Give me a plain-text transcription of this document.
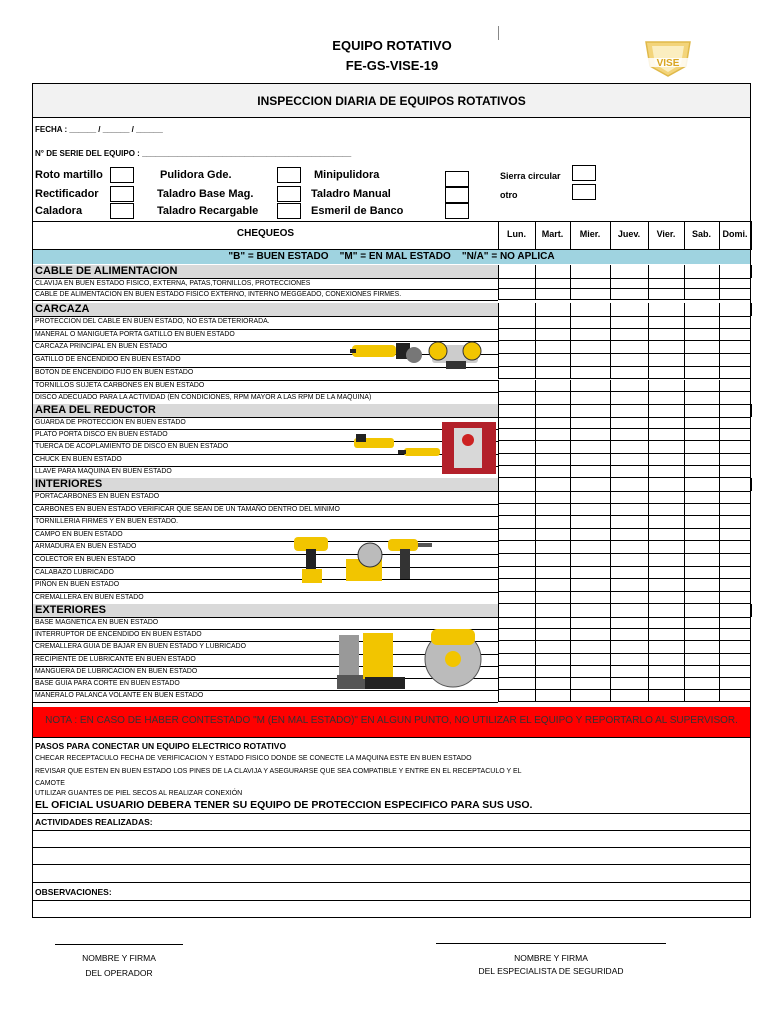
EQUIPO ROTATIVO
FE-GS-VISE-19	VISE
INSPECCION DIARIA DE EQUIPOS ROTATIVOS
FECHA : ______ / ______ / ______
N° DE SERIE DEL EQUIPO : _______________________________________________
Roto martillo
Rectificador
Caladora
Pulidora Gde.
Taladro Base Mag.
Taladro Recargable
Minipulidora
Taladro Manual
Esmeril de Banco
Sierra circular
otro
CHEQUEOS	Lun.	Mart.	Mier.	Juev.	Vier.	Sab.	Domi.
"B" = BUEN ESTADO    "M" = EN MAL ESTADO    "N/A" = NO APLICA
CABLE DE ALIMENTACION
CLAVIJA EN BUEN ESTADO FISICO, EXTERNA, PATAS,TORNILLOS, PROTECCIONES
CABLE DE ALIMENTACION EN BUEN ESTADO FISICO EXTERNO, INTERNO MEGGEADO, CONEXIONES FIRMES.
CARCAZA
PROTECCION DEL CABLE EN BUEN ESTADO, NO ESTA DETERIORADA.
MANERAL O MANIGUETA PORTA GATILLO EN BUEN ESTADO
CARCAZA PRINCIPAL EN BUEN ESTADO
GATILLO DE ENCENDIDO EN BUEN ESTADO
BOTON DE ENCENDIDO FIJO EN BUEN ESTADO
TORNILLOS SUJETA CARBONES EN BUEN ESTADO
DISCO ADECUADO PARA LA ACTIVIDAD (EN CONDICIONES, RPM MAYOR A LAS RPM DE LA MAQUINA)
AREA DEL REDUCTOR
GUARDA DE PROTECCION EN BUEN ESTADO
PLATO PORTA DISCO EN BUEN ESTADO
TUERCA DE ACOPLAMIENTO DE DISCO EN BUEN ESTADO
CHUCK EN BUEN ESTADO
LLAVE PARA MAQUINA EN BUEN ESTADO
INTERIORES
PORTACARBONES EN BUEN ESTADO
CARBONES EN BUEN ESTADO VERIFICAR QUE SEAN DE UN TAMAÑO DENTRO DEL MINIMO
TORNILLERIA FIRMES Y EN BUEN ESTADO.
CAMPO EN BUEN ESTADO
ARMADURA EN BUEN ESTADO
COLECTOR EN BUEN ESTADO
CALABAZO LUBRICADO
PIÑON EN BUEN ESTADO
CREMALLERA EN BUEN ESTADO
EXTERIORES
BASE MAGNETICA EN BUEN ESTADO
INTERRUPTOR DE ENCENDIDO EN BUEN ESTADO
CREMALLERA GUIA DE BAJAR EN BUEN ESTADO Y LUBRICADO
RECIPIENTE DE LUBRICANTE EN BUEN ESTADO
MANGUERA DE LUBRICACION EN BUEN ESTADO
BASE GUIA PARA CORTE EN BUEN ESTADO
MANERALO PALANCA VOLANTE EN BUEN ESTADO
NOTA : EN CASO DE HABER CONTESTADO "M (EN MAL ESTADO)" EN ALGUN PUNTO, NO UTILIZAR EL EQUIPO Y REPORTARLO AL SUPERVISOR.
PASOS PARA CONECTAR UN EQUIPO ELECTRICO ROTATIVO
CHECAR RECEPTACULO FECHA DE VERIFICACION Y ESTADO FISICO DONDE SE CONECTE LA MAQUINA ESTE EN BUEN ESTADO
REVISAR QUE ESTEN EN BUEN ESTADO LOS PINES DE LA CLAVIJA Y ASEGURARSE QUE SEA COMPATIBLE Y ENTRE EN EL RECEPTACULO Y EL
CAMOTE
UTILIZAR GUANTES DE PIEL SECOS AL REALIZAR CONEXIÓN
EL OFICIAL USUARIO DEBERA TENER SU EQUIPO DE PROTECCION ESPECIFICO PARA SUS USO.
ACTIVIDADES REALIZADAS:
OBSERVACIONES:
NOMBRE Y FIRMA
DEL OPERADOR
NOMBRE Y FIRMA
DEL ESPECIALISTA DE SEGURIDAD
